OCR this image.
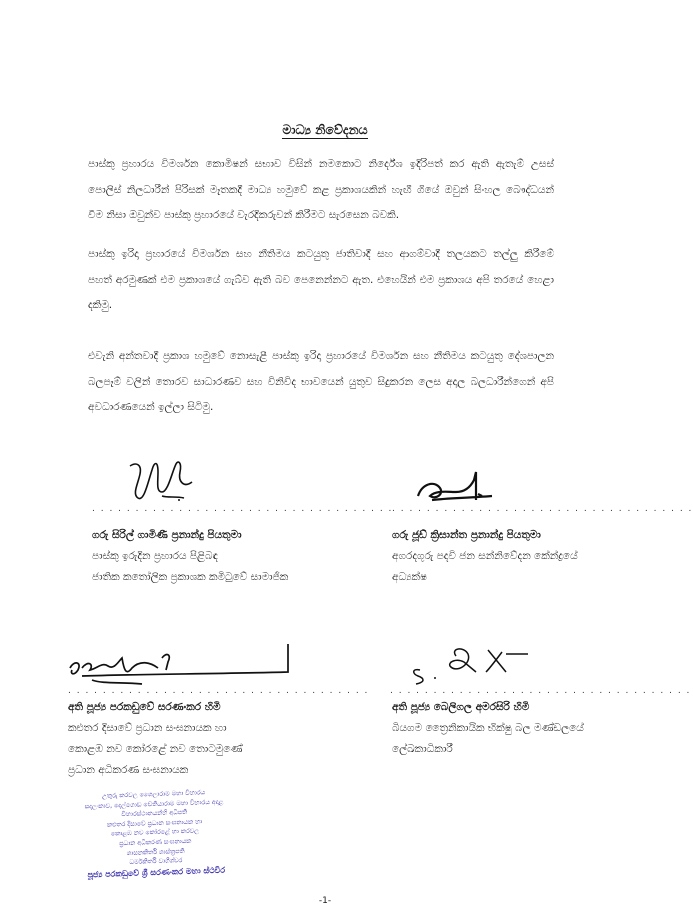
මාධ්‍ය නිවේදනය
පාස්කු ප්‍රහාරය විමර්ශන කොමිෂන් සභාව විසින් නමකොට නිර්දේශ ඉදිරිපත් කර ඇති ඇතැම් උසස්
පොලිස් නිලධාරීන් පිරිසක් මෑතකදී මාධ්‍ය හමුවේ කළ ප්‍රකාශයකින් හැඟී ගියේ ඔවුන් සිංහල බෞද්ධයන්
වීම නිසා ඔවුන්ව පාස්කු ප්‍රහාරයේ වැරදිකරුවන් කිරීමට සැරසෙන බවකි.
පාස්කු ඉරිදා ප්‍රහාරයේ විමර්ශන සහ නීතිමය කටයුතු ජාතිවාදී සහ ආගම්වාදී තලයකට තල්ලු කිරීමේ
පහත් අරමුණක් එම ප්‍රකාශයේ ගැබ්ව ඇති බව පෙනෙන්නට ඇත. එහෙයින් එම ප්‍රකාශය අපි තරයේ හෙළා
දකිමු.
එවැනි අන්තවාදී ප්‍රකාශ හමුවේ නොසැළී පාස්කු ඉරිදා ප්‍රහාරයේ විමර්ශන සහ නීතිමය කටයුතු දේශපාලන
බලපෑම් වලින් තොරව සාධාරණව සහ විනිවිද භාවයෙන් යුතුව සිදුකරන ලෙස අදාල බලධාරීන්ගෙන් අපි
අවධාරණයෙන් ඉල්ලා සිටිමු.
. . . . . . . . . . . . . . . . . . . . . . . . . . . . . . . . . . . . . . . . . . . . . . . . . . . . . . . . . . . . . . . . . . . . . .
ගරු සිරිල් ගාමිණී ප්‍රනාන්දු පියතුමා
පාස්කු ඉරුදින ප්‍රහාරය පිළිබඳ
ජාතික කතෝලික ප්‍රකාශක කමිටුවේ සාමාජික
ගරු ජූඩ් ක්‍රිසාන්ත ප්‍රනාන්දු පියතුමා
අගරදගුරු පදවි ජන සන්නිවේදන කේන්ද්‍රයේ
අධ්‍යක්ෂ
. . . . . . . . . . . . . . . . . . . . . . . . . . . . . . . . . . . . . . . . . . . . . . . . . . . . . . . . . . . . . . . . . . . . . .
අති පූජ්‍ය පරකඩුවේ සරණංකර හිමි
කළුතර දිසාවේ ප්‍රධාන සංඝනායක හා
කොළඹ නව කෝරළේ නව තොටමුණේ
ප්‍රධාන අධිකරණ සංඝනායක
අති පූජ්‍ය බෙලිගල අමරසිරි හිමි
බියගම ත්‍රෛනිකායික භික්ෂු බල මණ්ඩලයේ
ලේඛකාධිකාරී
උතුරු කරවල ශෛලාරාම මහා විහාරය
සදලංකාව, දෙල්ගොඩ චේතියාරාම මහා විහාරය අදාළ
විහාරස්ථානයන්හි අධිපති
කළුතර දිසාවේ ප්‍රධාන සංඝනායක හා
කොළඹ නව කෝරළේ හා කරවල
ප්‍රධාන අධිකරණ සංඝනායක
ශාසනකීර්ති ශාස්ත්‍රපති
ධර්මකීර්ති වාගීශ්වර
පූජ්‍ය පරකඩුවේ ශ්‍රී සරණංකර මහා ස්ථවිර
-1-
